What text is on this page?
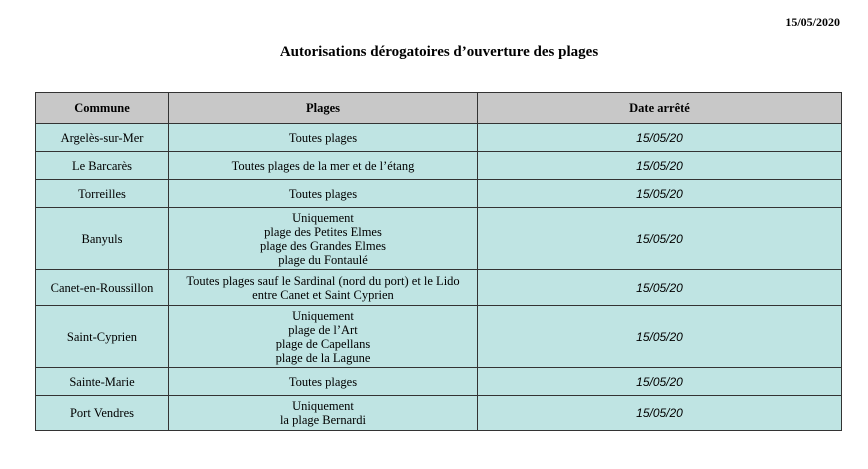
15/05/2020
Autorisations dérogatoires d’ouverture des plages
Commune	Plages	Date arrêté
Argelès-sur-Mer	Toutes plages	15/05/20
Le Barcarès	Toutes plages de la mer et de l’étang	15/05/20
Torreilles	Toutes plages	15/05/20
Banyuls	Uniquement
plage des Petites Elmes
plage des Grandes Elmes
plage du Fontaulé	15/05/20
Canet-en-Roussillon	Toutes plages sauf le Sardinal (nord du port) et le Lido
entre Canet et Saint Cyprien	15/05/20
Saint-Cyprien	Uniquement
plage de l’Art
plage de Capellans
plage de la Lagune	15/05/20
Sainte-Marie	Toutes plages	15/05/20
Port Vendres	Uniquement
la plage Bernardi	15/05/20
